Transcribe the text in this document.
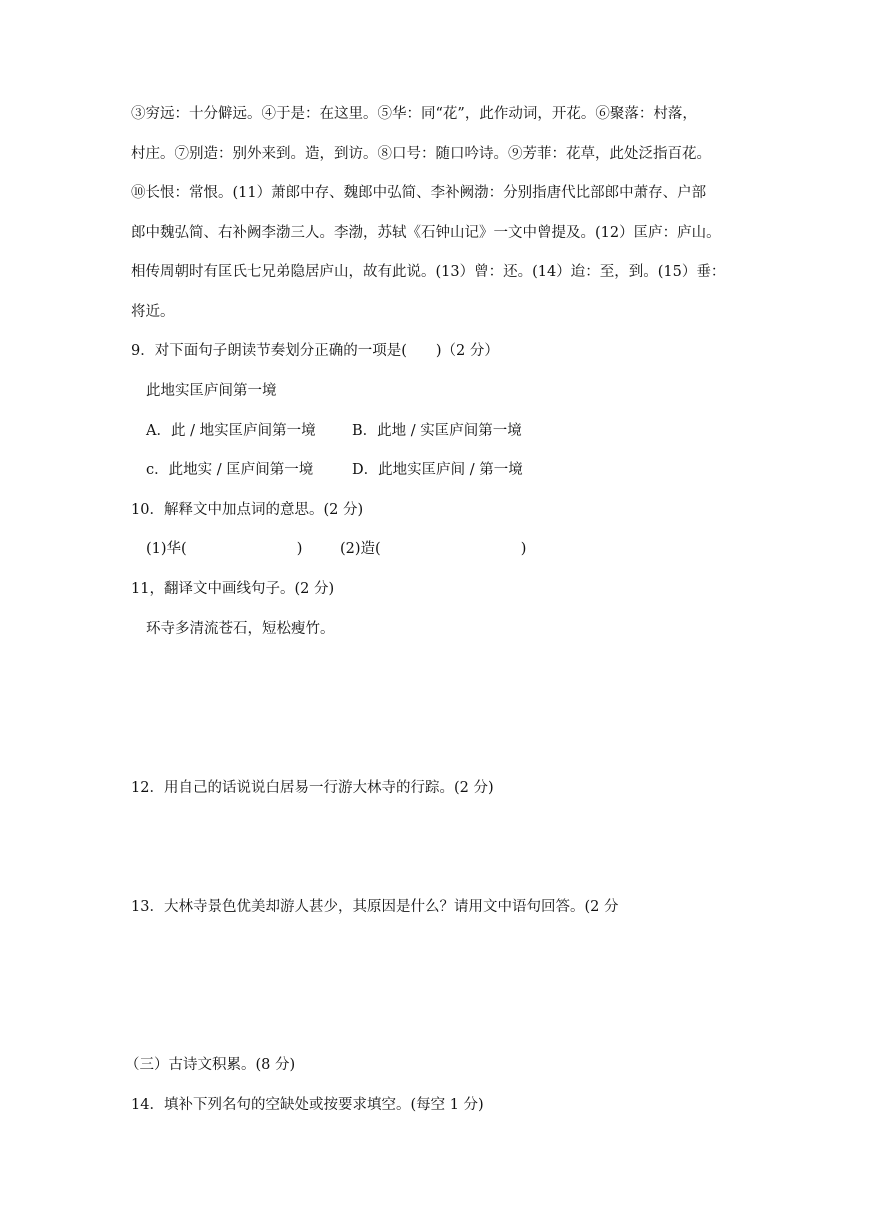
③穷远：十分僻远。④于是：在这里。⑤华：同“花”，此作动词，开花。⑥聚落：村落，
村庄。⑦别造：别外来到。造，到访。⑧口号：随口吟诗。⑨芳菲：花草，此处泛指百花。
⑩长恨：常恨。(11）萧郎中存、魏郎中弘简、李补阙渤：分别指唐代比部郎中萧存、户部
郎中魏弘简、右补阙李渤三人。李渤，苏轼《石钟山记》一文中曾提及。(12）匡庐：庐山。
相传周朝时有匡氏七兄弟隐居庐山，故有此说。(13）曾：还。(14）迨：至，到。(15）垂：
将近。
9．对下面句子朗读节奏划分正确的一项是(　　)（2 分）
此地实匡庐间第一境
A．此 / 地实匡庐间第一境	B．此地 / 实匡庐间第一境
c．此地实 / 匡庐间第一境	D．此地实匡庐间 / 第一境
10．解释文中加点词的意思。(2 分)
(1)华(	)	(2)造(	)
11，翻译文中画线句子。(2 分)
环寺多清流苍石，短松瘦竹。
12．用自己的话说说白居易一行游大林寺的行踪。(2 分)
13．大林寺景色优美却游人甚少，其原因是什么？请用文中语句回答。(2 分
（三）古诗文积累。(8 分)
14．填补下列名句的空缺处或按要求填空。(每空 1 分)
